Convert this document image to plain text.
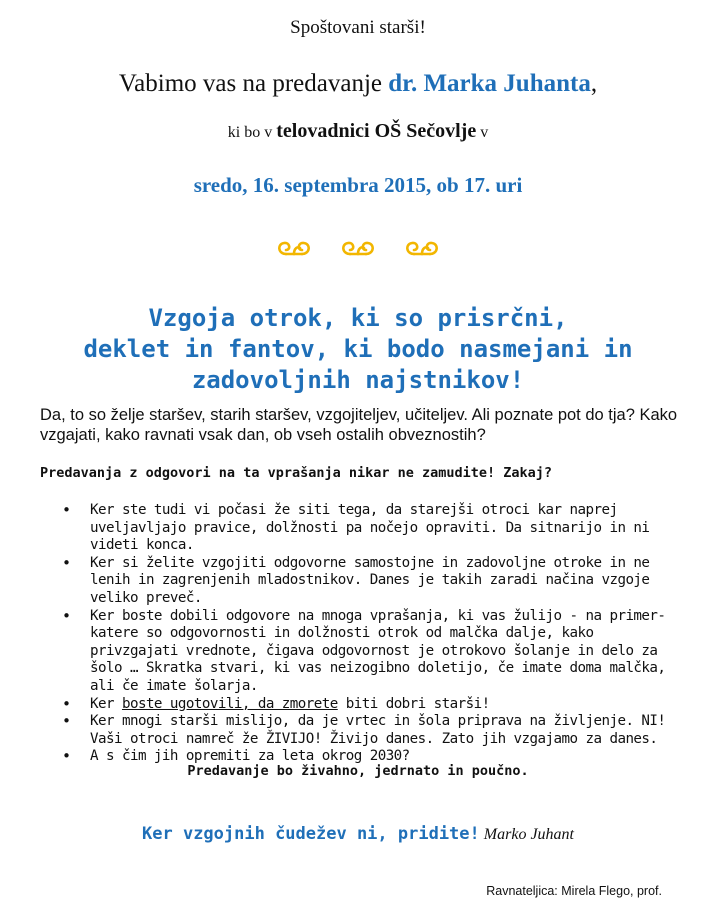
Spoštovani starši!
Vabimo vas na predavanje dr. Marka Juhanta,
ki bo v telovadnici OŠ Sečovlje v
sredo, 16. septembra 2015, ob 17. uri

Vzgoja otrok, ki so prisrčni,
deklet in fantov, ki bodo nasmejani in
zadovoljnih najstnikov!
Da, to so želje staršev, starih staršev, vzgojiteljev, učiteljev. Ali poznate pot do tja? Kako vzgajati, kako ravnati vsak dan, ob vseh ostalih obveznostih?
Predavanja z odgovori na ta vprašanja nikar ne zamudite! Zakaj?
• Ker ste tudi vi počasi že siti tega, da starejši otroci kar naprej uveljavljajo pravice, dolžnosti pa nočejo opraviti. Da sitnarijo in ni videti konca.
• Ker si želite vzgojiti odgovorne samostojne in zadovoljne otroke in ne lenih in zagrenjenih mladostnikov. Danes je takih zaradi načina vzgoje veliko preveč.
• Ker boste dobili odgovore na mnoga vprašanja, ki vas žulijo - na primer- katere so odgovornosti in dolžnosti otrok od malčka dalje, kako privzgajati vrednote, čigava odgovornost je otrokovo šolanje in delo za šolo … Skratka stvari, ki vas neizogibno doletijo, če imate doma malčka, ali če imate šolarja.
• Ker boste ugotovili, da zmorete biti dobri starši!
• Ker mnogi starši mislijo, da je vrtec in šola priprava na življenje. NI! Vaši otroci namreč že ŽIVIJO! Živijo danes. Zato jih vzgajamo za danes.
• A s čim jih opremiti za leta okrog 2030?
Predavanje bo živahno, jedrnato in poučno.
Ker vzgojnih čudežev ni, pridite! Marko Juhant
Ravnateljica: Mirela Flego, prof.
